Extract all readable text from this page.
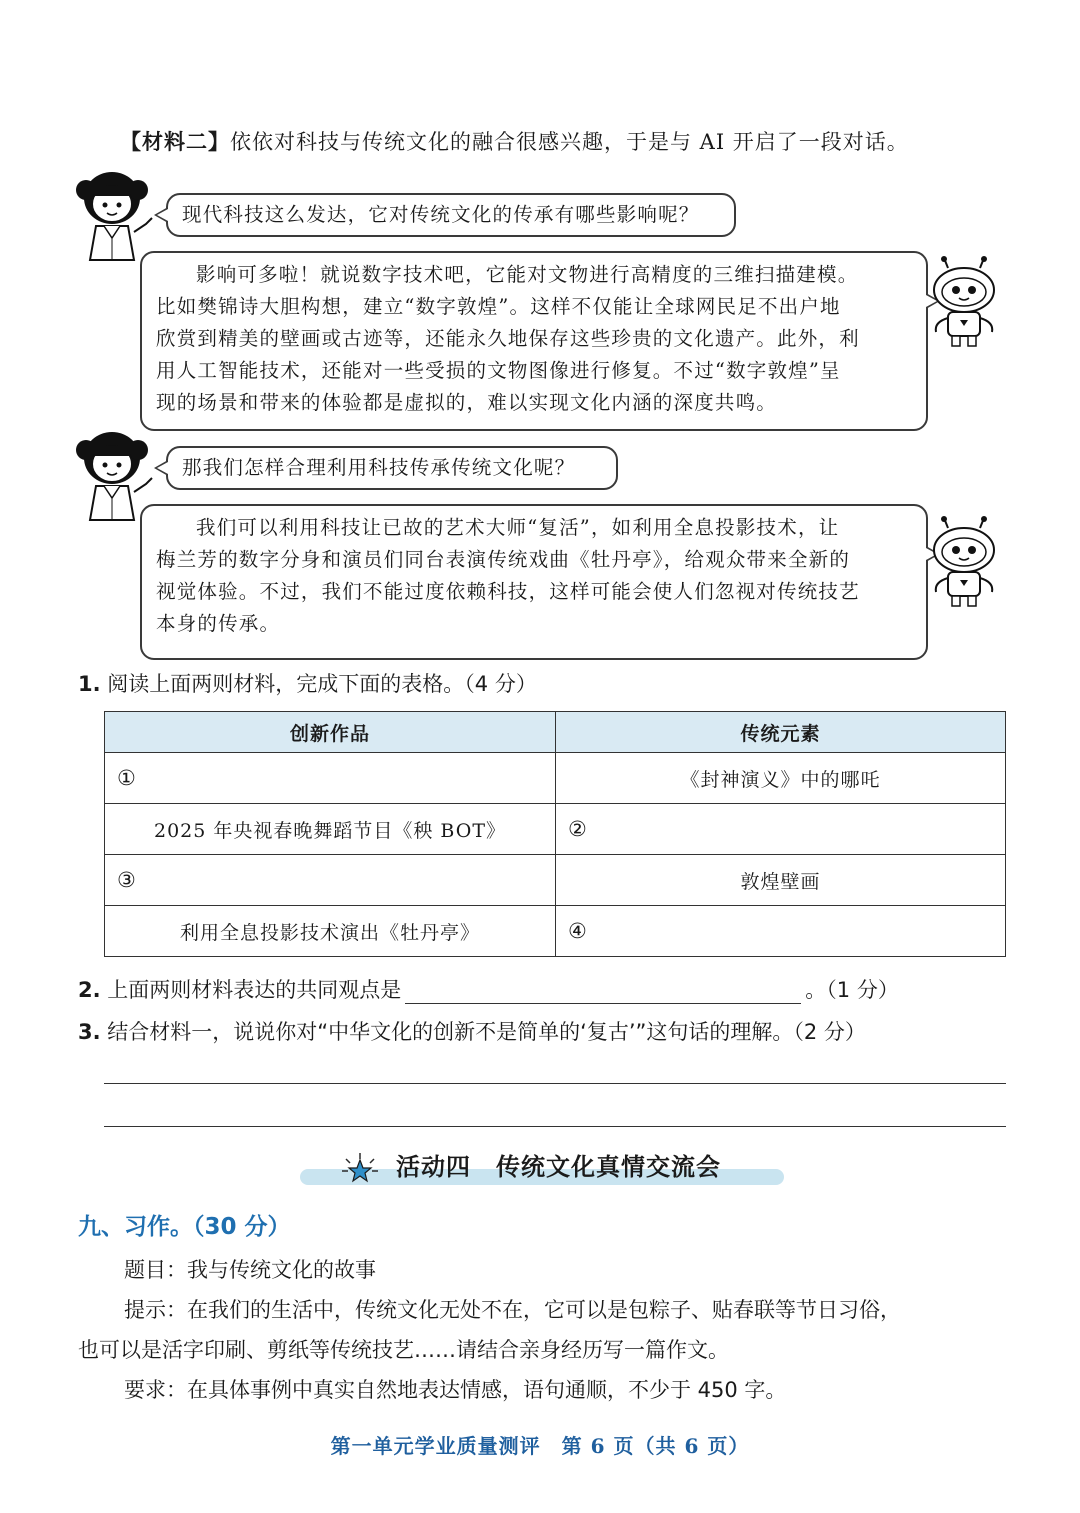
【材料二】依依对科技与传统文化的融合很感兴趣，于是与 AI 开启了一段对话。
现代科技这么发达，它对传统文化的传承有哪些影响呢？
影响可多啦！就说数字技术吧，它能对文物进行高精度的三维扫描建模。
比如樊锦诗大胆构想，建立“数字敦煌”。这样不仅能让全球网民足不出户地
欣赏到精美的壁画或古迹等，还能永久地保存这些珍贵的文化遗产。此外，利
用人工智能技术，还能对一些受损的文物图像进行修复。不过“数字敦煌”呈
现的场景和带来的体验都是虚拟的，难以实现文化内涵的深度共鸣。
那我们怎样合理利用科技传承传统文化呢？
我们可以利用科技让已故的艺术大师“复活”，如利用全息投影技术，让
梅兰芳的数字分身和演员们同台表演传统戏曲《牡丹亭》，给观众带来全新的
视觉体验。不过，我们不能过度依赖科技，这样可能会使人们忽视对传统技艺
本身的传承。
1. 阅读上面两则材料，完成下面的表格。（4 分）
创新作品	传统元素
①	《封神演义》中的哪吒
2025 年央视春晚舞蹈节目《秧 BOT》	②
③	敦煌壁画
利用全息投影技术演出《牡丹亭》	④
2. 上面两则材料表达的共同观点是	。（1 分）
3. 结合材料一，说说你对“中华文化的创新不是简单的‘复古’”这句话的理解。（2 分）
活动四　传统文化真情交流会
九、习作。（30 分）
题目：我与传统文化的故事
提示：在我们的生活中，传统文化无处不在，它可以是包粽子、贴春联等节日习俗，
也可以是活字印刷、剪纸等传统技艺……请结合亲身经历写一篇作文。
要求：在具体事例中真实自然地表达情感，语句通顺，不少于 450 字。
第一单元学业质量测评　第 6 页（共 6 页）
